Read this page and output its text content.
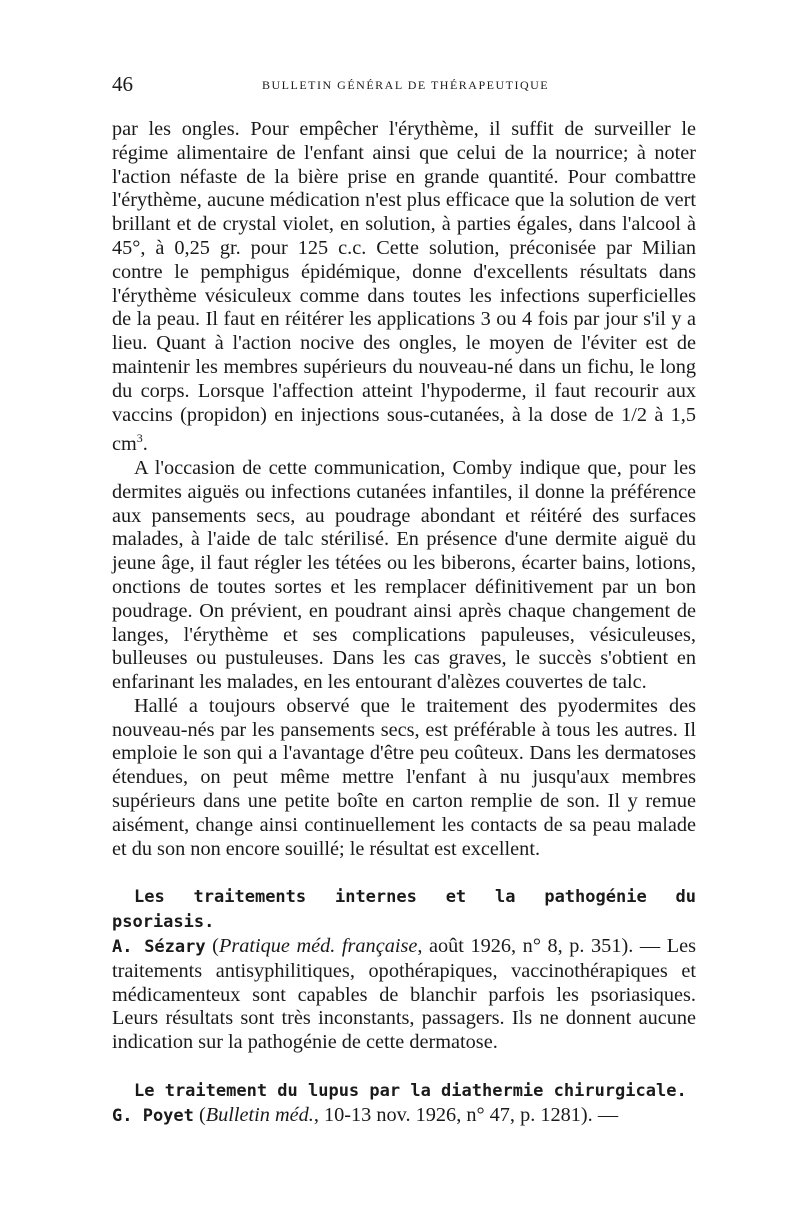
46	BULLETIN GÉNÉRAL DE THÉRAPEUTIQUE

par les ongles. Pour empêcher l'érythème, il suffit de surveiller le régime alimentaire de l'enfant ainsi que celui de la nourrice; à noter l'action néfaste de la bière prise en grande quantité. Pour combattre l'érythème, aucune médication n'est plus efficace que la solution de vert brillant et de crystal violet, en solution, à parties égales, dans l'alcool à 45°, à 0,25 gr. pour 125 c.c. Cette solution, préconisée par Milian contre le pemphigus épidémique, donne d'excellents résultats dans l'érythème vésiculeux comme dans toutes les infections superficielles de la peau. Il faut en réitérer les applications 3 ou 4 fois par jour s'il y a lieu. Quant à l'action nocive des ongles, le moyen de l'éviter est de maintenir les membres supérieurs du nouveau-né dans un fichu, le long du corps. Lorsque l'affection atteint l'hypoderme, il faut recourir aux vaccins (propidon) en injections sous-cutanées, à la dose de 1/2 à 1,5 $cm^3$.

A l'occasion de cette communication, Comby indique que, pour les dermites aiguës ou infections cutanées infantiles, il donne la préférence aux pansements secs, au poudrage abondant et réitéré des surfaces malades, à l'aide de talc stérilisé. En présence d'une dermite aiguë du jeune âge, il faut régler les tétées ou les biberons, écarter bains, lotions, onctions de toutes sortes et les remplacer définitivement par un bon poudrage. On prévient, en poudrant ainsi après chaque changement de langes, l'érythème et ses complications papuleuses, vésiculeuses, bulleuses ou pustuleuses. Dans les cas graves, le succès s'obtient en enfarinant les malades, en les entourant d'alèzes couvertes de talc.

Hallé a toujours observé que le traitement des pyodermites des nouveau-nés par les pansements secs, est préférable à tous les autres. Il emploie le son qui a l'avantage d'être peu coûteux. Dans les dermatoses étendues, on peut même mettre l'enfant à nu jusqu'aux membres supérieurs dans une petite boîte en carton remplie de son. Il y remue aisément, change ainsi continuellement les contacts de sa peau malade et du son non encore souillé; le résultat est excellent.

Les traitements internes et la pathogénie du psoriasis.

A. Sézary (Pratique méd. française, août 1926, n° 8, p. 351). — Les traitements antisyphilitiques, opothérapiques, vaccinothérapiques et médicamenteux sont capables de blanchir parfois les psoriasiques. Leurs résultats sont très inconstants, passagers. Ils ne donnent aucune indication sur la pathogénie de cette dermatose.

Le traitement du lupus par la diathermie chirurgicale.

G. Poyet (Bulletin méd., 10-13 nov. 1926, n° 47, p. 1281). —
